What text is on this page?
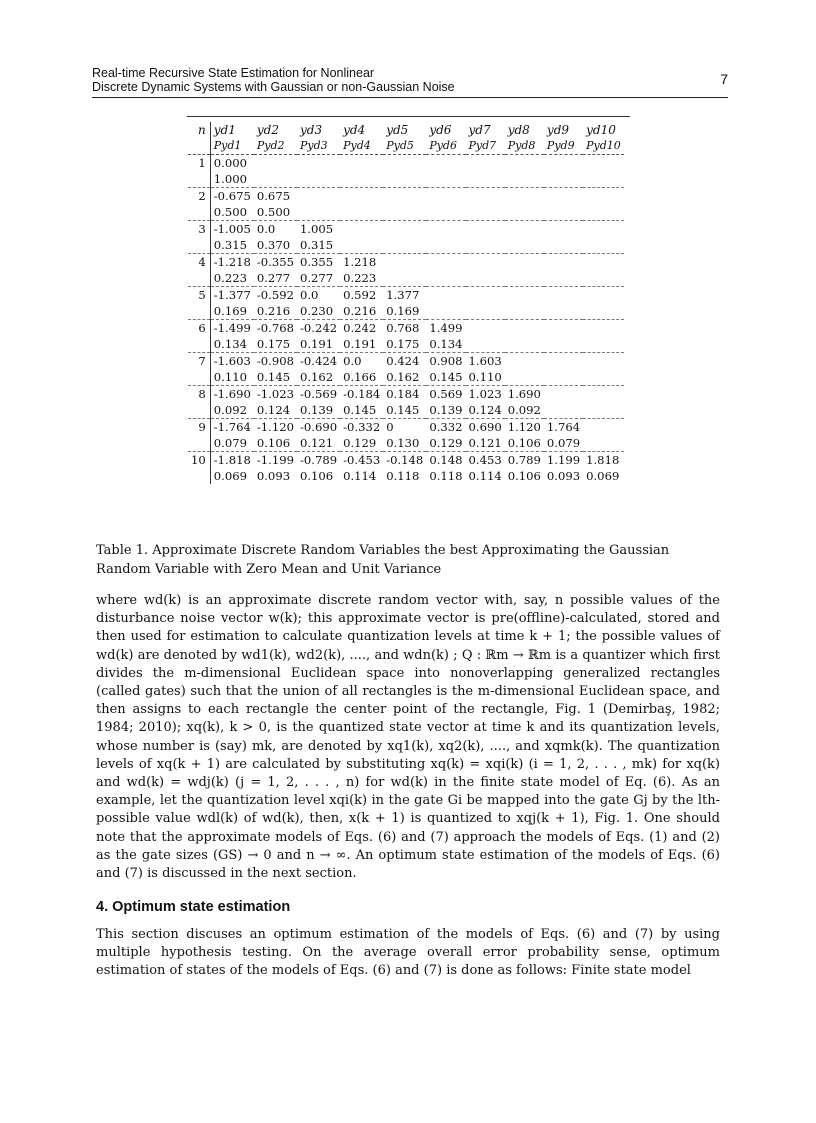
Real-time Recursive State Estimation for Nonlinear
Discrete Dynamic Systems with Gaussian or non-Gaussian Noise	7
n	yd1	yd2	yd3	yd4	yd5	yd6	yd7	yd8	yd9	yd10
	Pyd1	Pyd2	Pyd3	Pyd4	Pyd5	Pyd6	Pyd7	Pyd8	Pyd9	Pyd10
1	0.000									
	1.000									
2	-0.675	0.675								
	0.500	0.500								
3	-1.005	0.0	1.005							
	0.315	0.370	0.315							
4	-1.218	-0.355	0.355	1.218						
	0.223	0.277	0.277	0.223						
5	-1.377	-0.592	0.0	0.592	1.377					
	0.169	0.216	0.230	0.216	0.169					
6	-1.499	-0.768	-0.242	0.242	0.768	1.499				
	0.134	0.175	0.191	0.191	0.175	0.134				
7	-1.603	-0.908	-0.424	0.0	0.424	0.908	1.603			
	0.110	0.145	0.162	0.166	0.162	0.145	0.110			
8	-1.690	-1.023	-0.569	-0.184	0.184	0.569	1.023	1.690		
	0.092	0.124	0.139	0.145	0.145	0.139	0.124	0.092		
9	-1.764	-1.120	-0.690	-0.332	0	0.332	0.690	1.120	1.764	
	0.079	0.106	0.121	0.129	0.130	0.129	0.121	0.106	0.079	
10	-1.818	-1.199	-0.789	-0.453	-0.148	0.148	0.453	0.789	1.199	1.818
	0.069	0.093	0.106	0.114	0.118	0.118	0.114	0.106	0.093	0.069
Table 1. Approximate Discrete Random Variables the best Approximating the Gaussian Random Variable with Zero Mean and Unit Variance

where wd(k) is an approximate discrete random vector with, say, n possible values of the disturbance noise vector w(k); this approximate vector is pre(offline)-calculated, stored and then used for estimation to calculate quantization levels at time k + 1; the possible values of wd(k) are denoted by wd1(k), wd2(k), ...., and wdn(k) ; Q : ℝm → ℝm is a quantizer which first divides the m-dimensional Euclidean space into nonoverlapping generalized rectangles (called gates) such that the union of all rectangles is the m-dimensional Euclidean space, and then assigns to each rectangle the center point of the rectangle, Fig. 1 (Demirbaş, 1982; 1984; 2010); xq(k), k > 0, is the quantized state vector at time k and its quantization levels, whose number is (say) mk, are denoted by xq1(k), xq2(k), ...., and xqmk(k). The quantization levels of xq(k + 1) are calculated by substituting xq(k) = xqi(k) (i = 1, 2, . . . , mk) for xq(k) and wd(k) = wdj(k) (j = 1, 2, . . . , n) for wd(k) in the finite state model of Eq. (6). As an example, let the quantization level xqi(k) in the gate Gi be mapped into the gate Gj by the lth-possible value wdl(k) of wd(k), then, x(k + 1) is quantized to xqj(k + 1), Fig. 1. One should note that the approximate models of Eqs. (6) and (7) approach the models of Eqs. (1) and (2) as the gate sizes (GS) → 0 and n → ∞. An optimum state estimation of the models of Eqs. (6) and (7) is discussed in the next section.

4. Optimum state estimation

This section discuses an optimum estimation of the models of Eqs. (6) and (7) by using multiple hypothesis testing. On the average overall error probability sense, optimum estimation of states of the models of Eqs. (6) and (7) is done as follows: Finite state model
